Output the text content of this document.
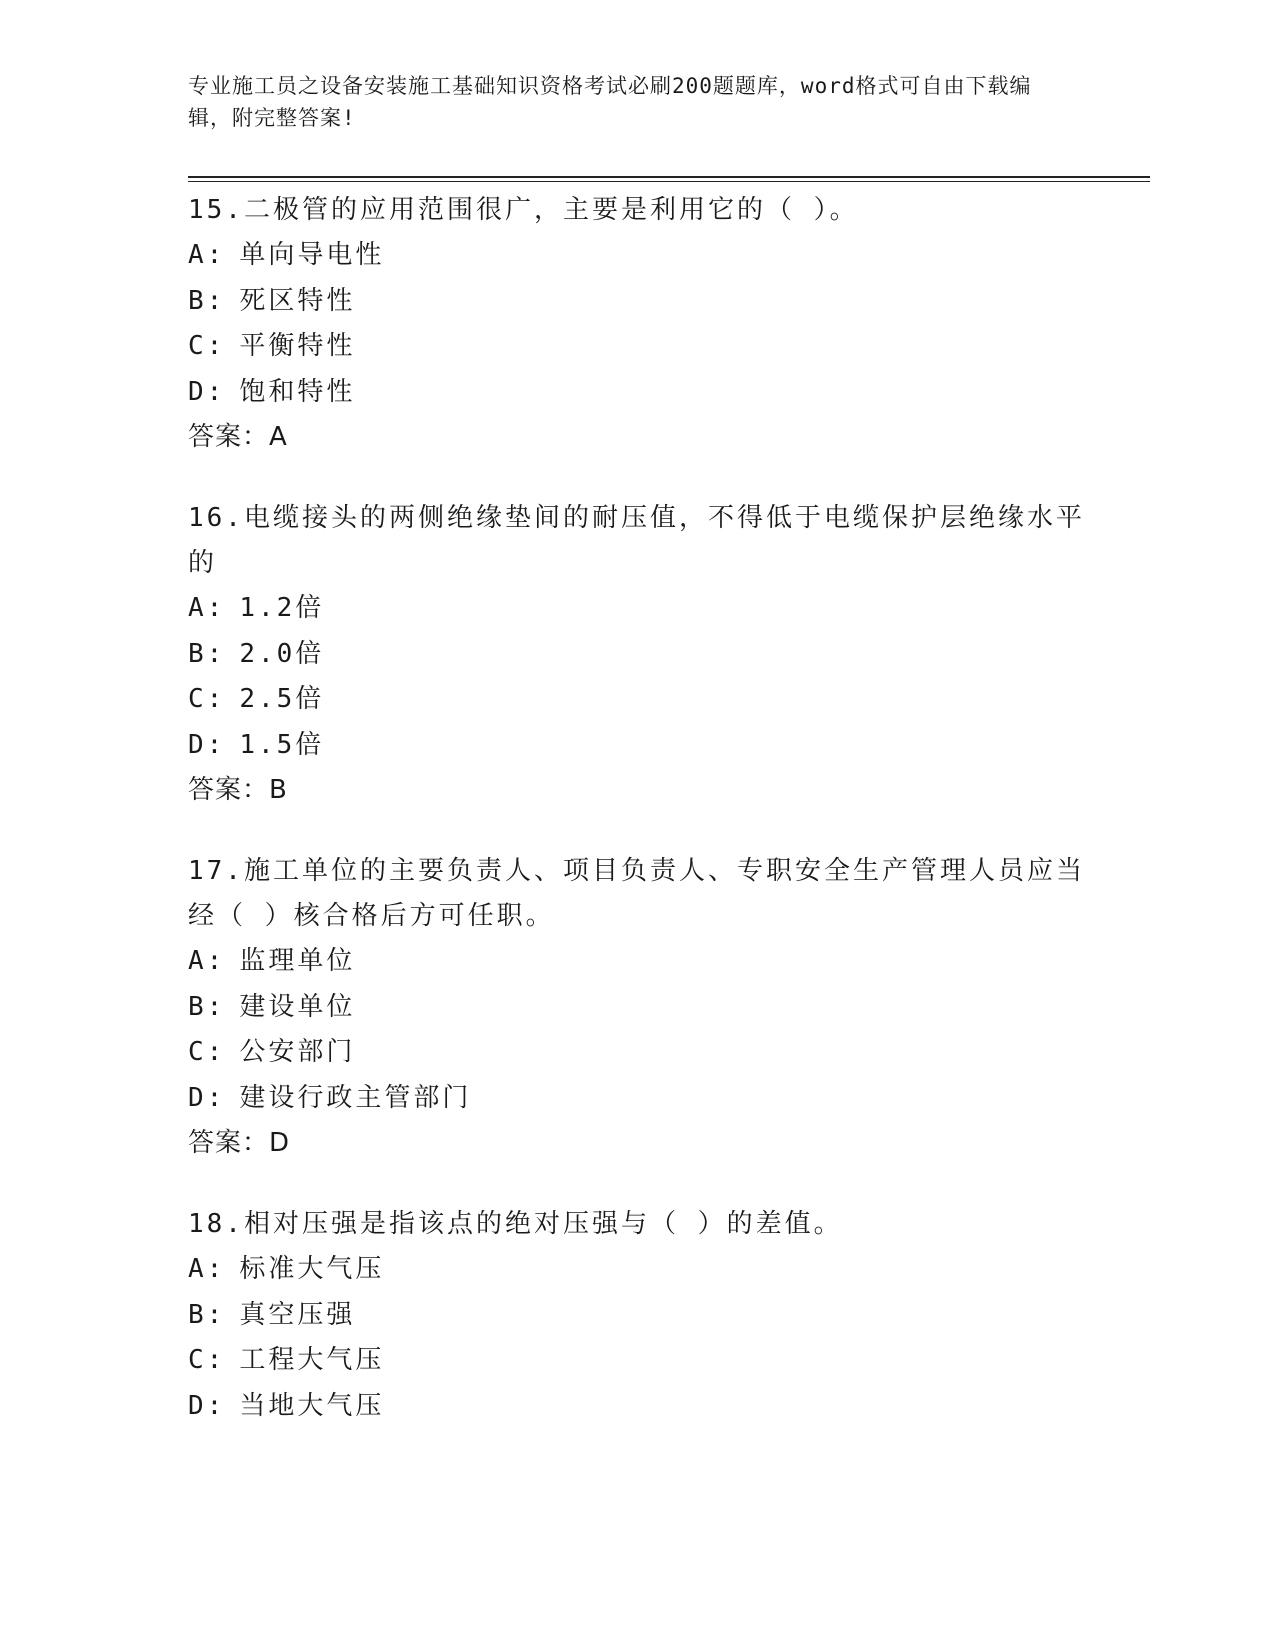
专业施工员之设备安装施工基础知识资格考试必刷200题题库，word格式可自由下载编辑，附完整答案!
15.二极管的应用范围很广，主要是利用它的（ ）。
A: 单向导电性
B: 死区特性
C: 平衡特性
D: 饱和特性
答案：A
16.电缆接头的两侧绝缘垫间的耐压值，不得低于电缆保护层绝缘水平的
A: 1.2倍
B: 2.0倍
C: 2.5倍
D: 1.5倍
答案：B
17.施工单位的主要负责人、项目负责人、专职安全生产管理人员应当经（ ）核合格后方可任职。
A: 监理单位
B: 建设单位
C: 公安部门
D: 建设行政主管部门
答案：D
18.相对压强是指该点的绝对压强与（ ）的差值。
A: 标准大气压
B: 真空压强
C: 工程大气压
D: 当地大气压
